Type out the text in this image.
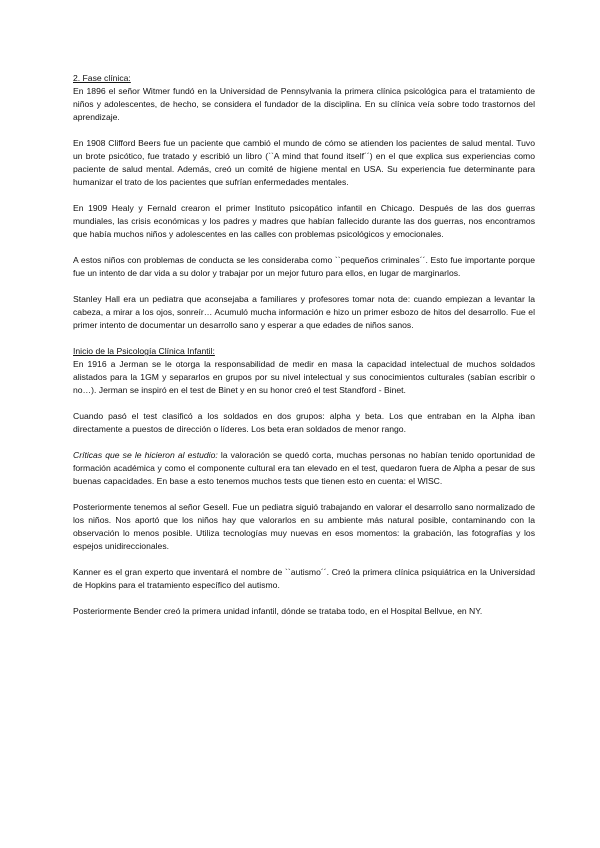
2. Fase clínica:

En 1896 el señor Witmer fundó en la Universidad de Pennsylvania la primera clínica psicológica para el tratamiento de niños y adolescentes, de hecho, se considera el fundador de la disciplina. En su clínica veía sobre todo trastornos del aprendizaje.

En 1908 Clifford Beers fue un paciente que cambió el mundo de cómo se atienden los pacientes de salud mental. Tuvo un brote psicótico, fue tratado y escribió un libro (``A mind that found itself´´) en el que explica sus experiencias como paciente de salud mental. Además, creó un comité de higiene mental en USA. Su experiencia fue determinante para humanizar el trato de los pacientes que sufrían enfermedades mentales.

En 1909 Healy y Fernald crearon el primer Instituto psicopático infantil en Chicago. Después de las dos guerras mundiales, las crisis económicas y los padres y madres que habían fallecido durante las dos guerras, nos encontramos que había muchos niños y adolescentes en las calles con problemas psicológicos y emocionales.

A estos niños con problemas de conducta se les consideraba como ``pequeños criminales´´. Esto fue importante porque fue un intento de dar vida a su dolor y trabajar por un mejor futuro para ellos, en lugar de marginarlos.

Stanley Hall era un pediatra que aconsejaba a familiares y profesores tomar nota de: cuando empiezan a levantar la cabeza, a mirar a los ojos, sonreír… Acumuló mucha información e hizo un primer esbozo de hitos del desarrollo. Fue el primer intento de documentar un desarrollo sano y esperar a que edades de niños sanos.

Inicio de la Psicología Clínica Infantil:

En 1916 a Jerman se le otorga la responsabilidad de medir en masa la capacidad intelectual de muchos soldados alistados para la 1GM y separarlos en grupos por su nivel intelectual y sus conocimientos culturales (sabían escribir o no…). Jerman se inspiró en el test de Binet y en su honor creó el test Standford - Binet.

Cuando pasó el test clasificó a los soldados en dos grupos: alpha y beta. Los que entraban en la Alpha iban directamente a puestos de dirección o líderes. Los beta eran soldados de menor rango.

Críticas que se le hicieron al estudio: la valoración se quedó corta, muchas personas no habían tenido oportunidad de formación académica y como el componente cultural era tan elevado en el test, quedaron fuera de Alpha a pesar de sus buenas capacidades. En base a esto tenemos muchos tests que tienen esto en cuenta: el WISC.

Posteriormente tenemos al señor Gesell. Fue un pediatra siguió trabajando en valorar el desarrollo sano normalizado de los niños. Nos aportó que los niños hay que valorarlos en su ambiente más natural posible, contaminando con la observación lo menos posible. Utiliza tecnologías muy nuevas en esos momentos: la grabación, las fotografías y los espejos unidireccionales.

Kanner es el gran experto que inventará el nombre de ``autismo´´. Creó la primera clínica psiquiátrica en la Universidad de Hopkins para el tratamiento específico del autismo.

Posteriormente Bender creó la primera unidad infantil, dónde se trataba todo, en el Hospital Bellvue, en NY.
